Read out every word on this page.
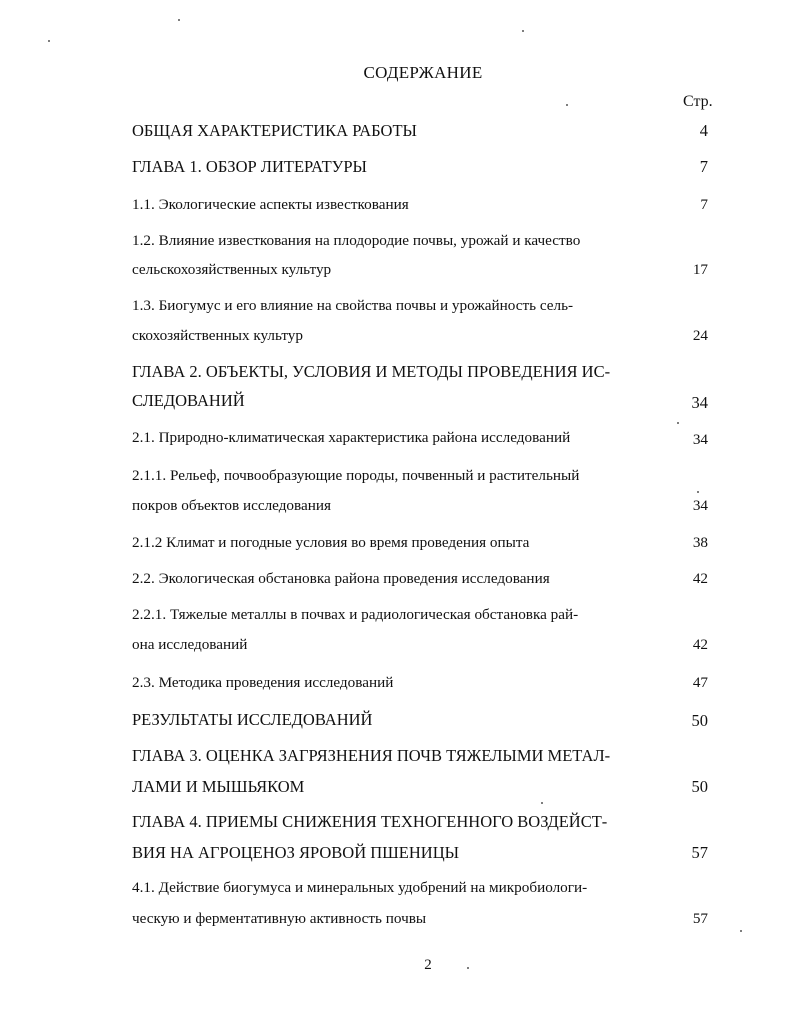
СОДЕРЖАНИЕ
Стр.
ОБЩАЯ ХАРАКТЕРИСТИКА РАБОТЫ	4
ГЛАВА 1. ОБЗОР ЛИТЕРАТУРЫ	7
1.1. Экологические аспекты известкования	7
1.2. Влияние известкования на плодородие почвы, урожай и качество
сельскохозяйственных культур	17
1.3. Биогумус и его влияние на свойства почвы и урожайность сель-
скохозяйственных культур	24
ГЛАВА 2. ОБЪЕКТЫ, УСЛОВИЯ И МЕТОДЫ ПРОВЕДЕНИЯ ИС-
СЛЕДОВАНИЙ	34
2.1. Природно-климатическая характеристика района исследований	34
2.1.1. Рельеф, почвообразующие породы, почвенный и растительный
покров объектов исследования	34
2.1.2 Климат и погодные условия во время проведения опыта	38
2.2. Экологическая обстановка района проведения исследования	42
2.2.1. Тяжелые металлы в почвах и радиологическая обстановка рай-
она исследований	42
2.3. Методика проведения исследований	47
РЕЗУЛЬТАТЫ ИССЛЕДОВАНИЙ	50
ГЛАВА 3. ОЦЕНКА ЗАГРЯЗНЕНИЯ ПОЧВ ТЯЖЕЛЫМИ МЕТАЛ-
ЛАМИ И МЫШЬЯКОМ	50
ГЛАВА 4. ПРИЕМЫ СНИЖЕНИЯ ТЕХНОГЕННОГО ВОЗДЕЙСТ-
ВИЯ НА АГРОЦЕНОЗ ЯРОВОЙ ПШЕНИЦЫ	57
4.1. Действие биогумуса и минеральных удобрений на микробиологи-
ческую и ферментативную активность почвы	57
2
